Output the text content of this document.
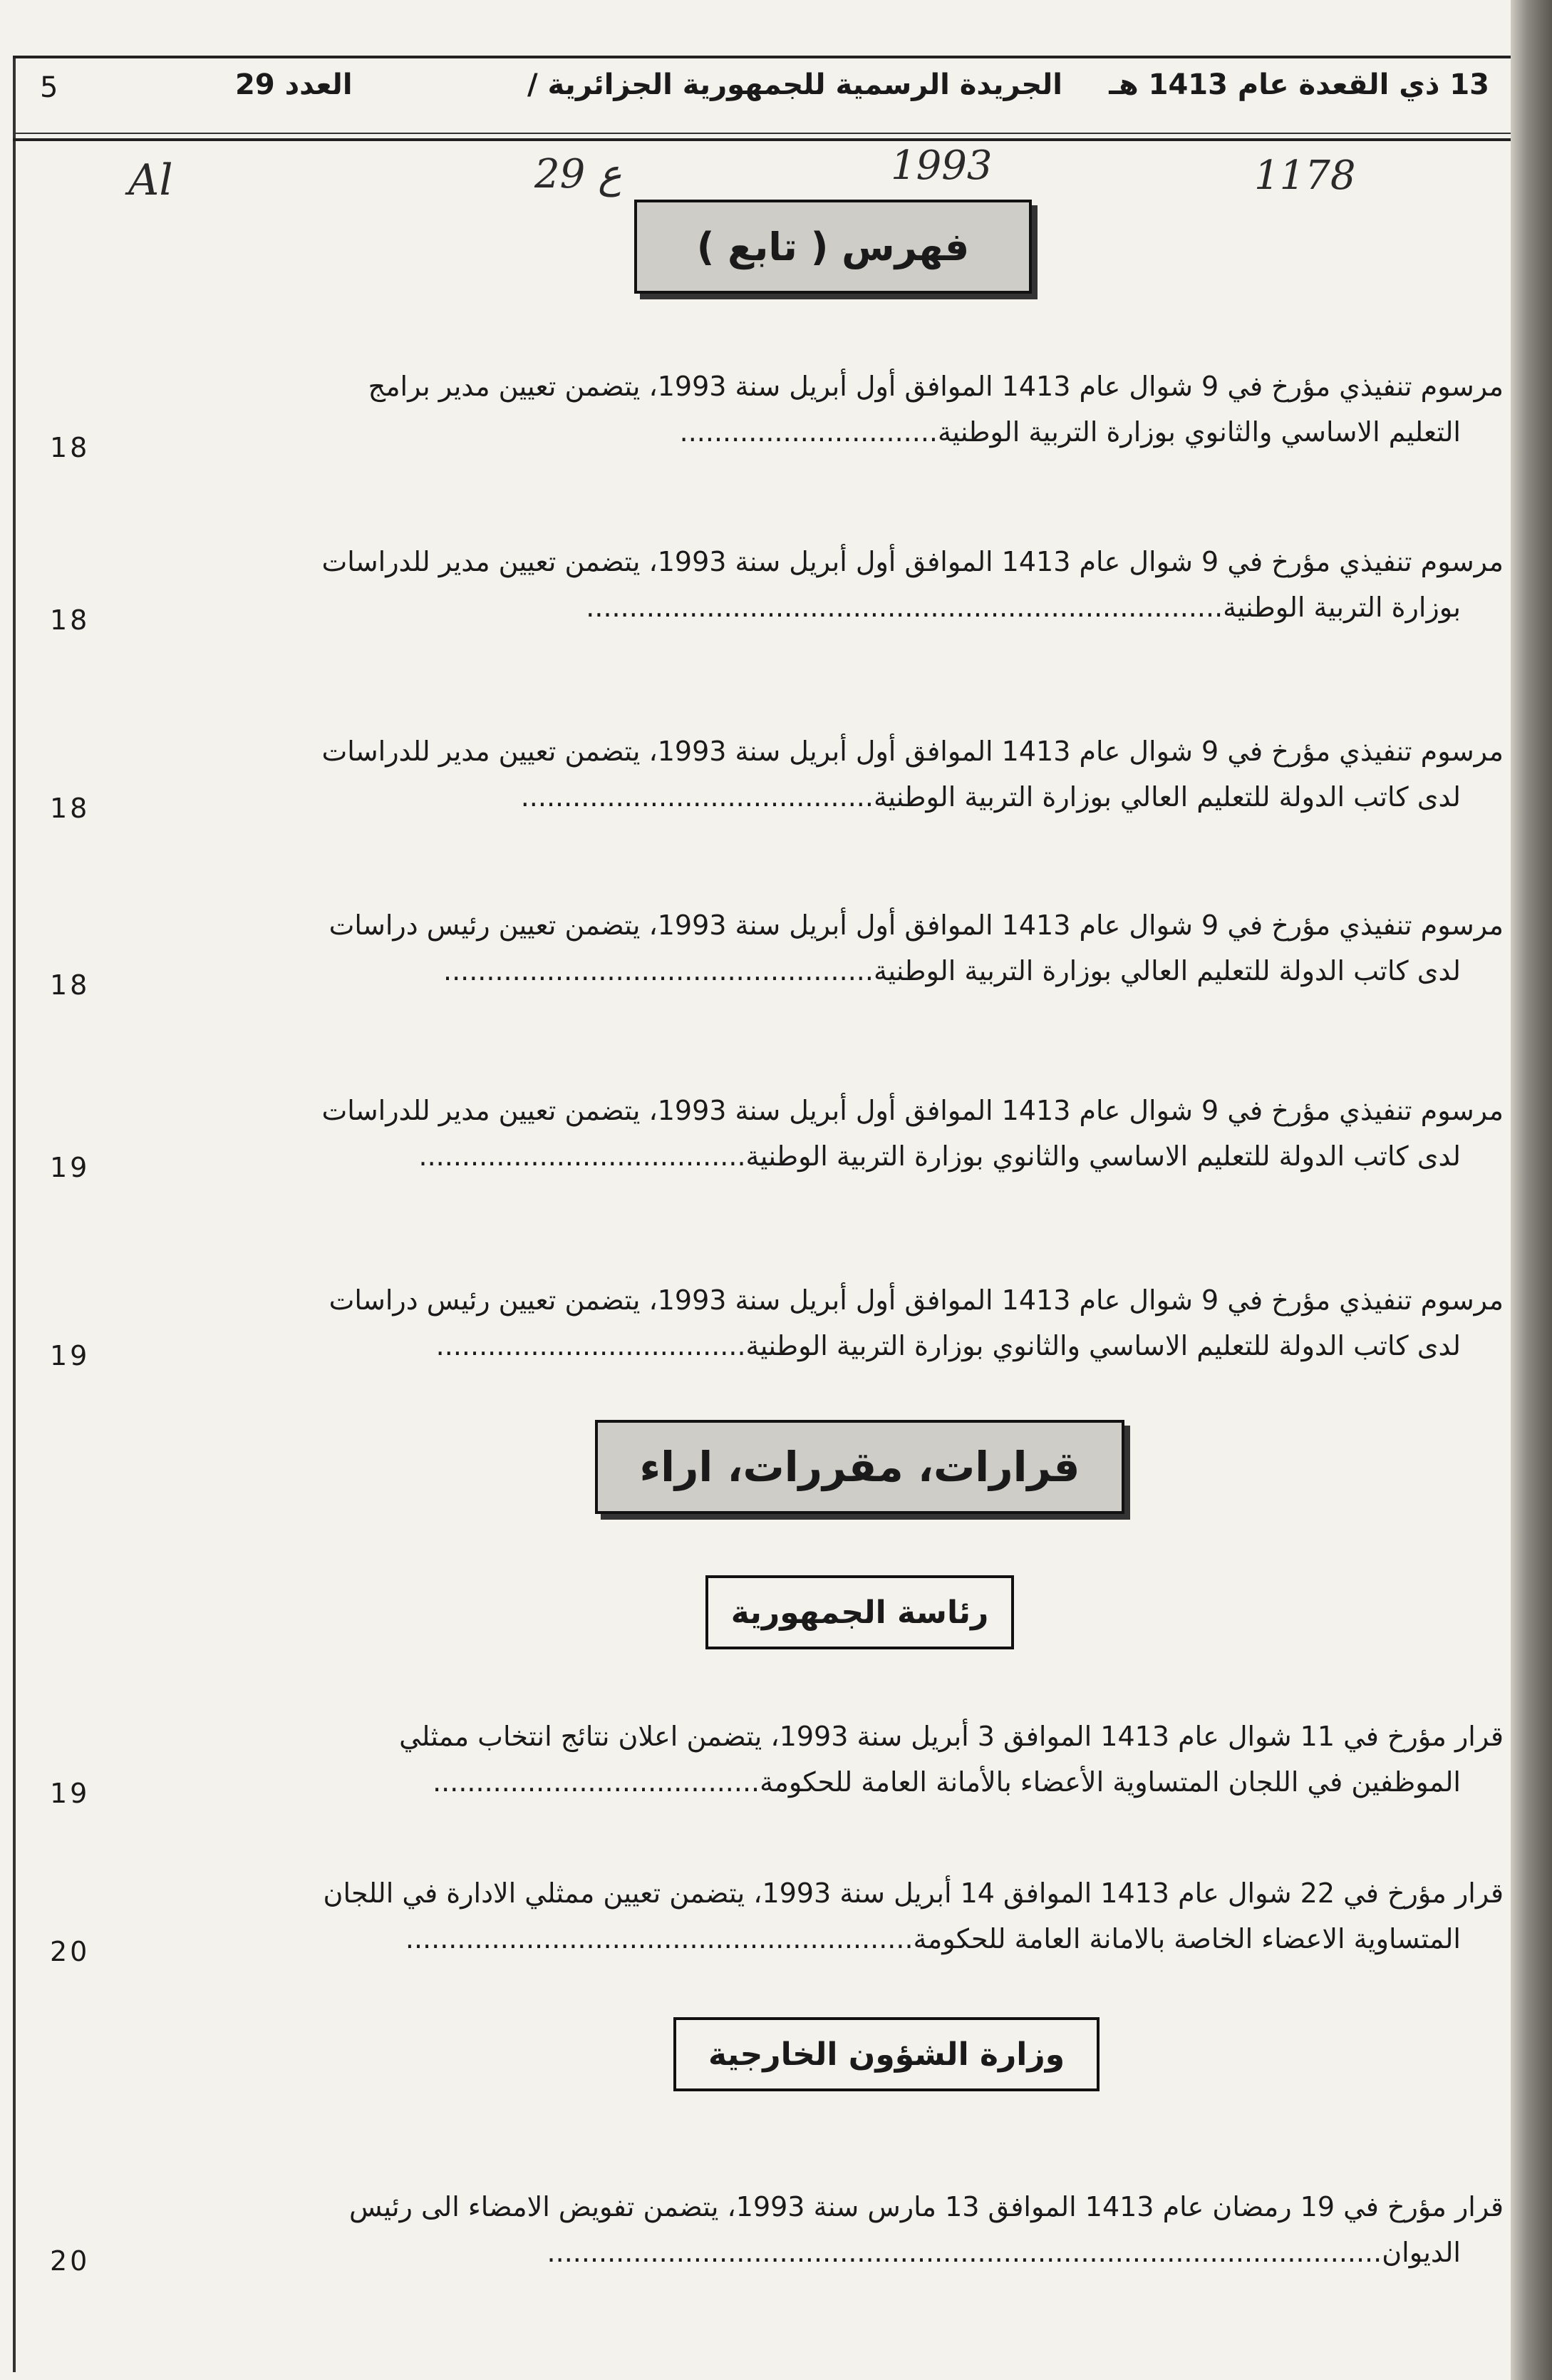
5	العدد 29	الجريدة الرسمية للجمهورية الجزائرية /	13 ذي القعدة عام 1413 هـ
Al	29 ع	1993	1178
فهرس ( تابع )
مرسوم تنفيذي مؤرخ في 9 شوال عام 1413 الموافق أول أبريل سنة 1993، يتضمن تعيين مدير برامج
التعليم الاساسي والثانوي بوزارة التربية الوطنية..............................
18
مرسوم تنفيذي مؤرخ في 9 شوال عام 1413 الموافق أول أبريل سنة 1993، يتضمن تعيين مدير للدراسات
بوزارة التربية الوطنية..........................................................................
18
مرسوم تنفيذي مؤرخ في 9 شوال عام 1413 الموافق أول أبريل سنة 1993، يتضمن تعيين مدير للدراسات
لدى كاتب الدولة للتعليم العالي بوزارة التربية الوطنية.........................................
18
مرسوم تنفيذي مؤرخ في 9 شوال عام 1413 الموافق أول أبريل سنة 1993، يتضمن تعيين رئيس دراسات
لدى كاتب الدولة للتعليم العالي بوزارة التربية الوطنية..................................................
18
مرسوم تنفيذي مؤرخ في 9 شوال عام 1413 الموافق أول أبريل سنة 1993، يتضمن تعيين مدير للدراسات
لدى كاتب الدولة للتعليم الاساسي والثانوي بوزارة التربية الوطنية......................................
19
مرسوم تنفيذي مؤرخ في 9 شوال عام 1413 الموافق أول أبريل سنة 1993، يتضمن تعيين رئيس دراسات
لدى كاتب الدولة للتعليم الاساسي والثانوي بوزارة التربية الوطنية....................................
19
قرارات، مقررات، اراء
رئاسة الجمهورية
قرار مؤرخ في 11 شوال عام 1413 الموافق 3 أبريل سنة 1993، يتضمن اعلان نتائج انتخاب ممثلي
الموظفين في اللجان المتساوية الأعضاء بالأمانة العامة للحكومة......................................
19
قرار مؤرخ في 22 شوال عام 1413 الموافق 14 أبريل سنة 1993، يتضمن تعيين ممثلي الادارة في اللجان
المتساوية الاعضاء الخاصة بالامانة العامة للحكومة...........................................................
20
وزارة الشؤون الخارجية
قرار مؤرخ في 19 رمضان عام 1413 الموافق 13 مارس سنة 1993، يتضمن تفويض الامضاء الى رئيس
الديوان.................................................................................................
20
